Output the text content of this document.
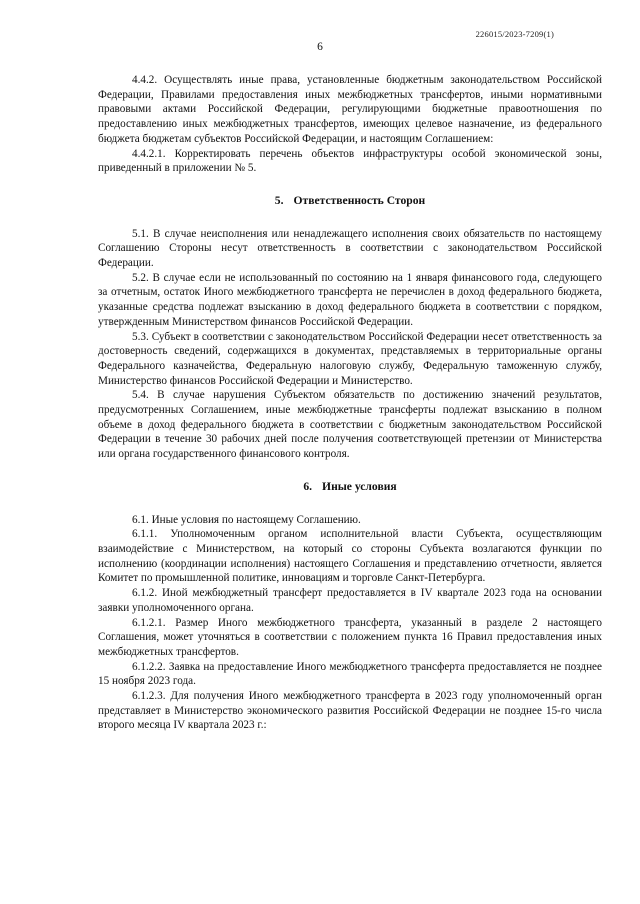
226015/2023-7209(1)
6

4.4.2. Осуществлять иные права, установленные бюджетным законодательством Российской Федерации, Правилами предоставления иных межбюджетных трансфертов, иными нормативными правовыми актами Российской Федерации, регулирующими бюджетные правоотношения по предоставлению иных межбюджетных трансфертов, имеющих целевое назначение, из федерального бюджета бюджетам субъектов Российской Федерации, и настоящим Соглашением:

4.4.2.1. Корректировать перечень объектов инфраструктуры особой экономической зоны, приведенный в приложении № 5.

5. Ответственность Сторон

5.1. В случае неисполнения или ненадлежащего исполнения своих обязательств по настоящему Соглашению Стороны несут ответственность в соответствии с законодательством Российской Федерации.

5.2. В случае если не использованный по состоянию на 1 января финансового года, следующего за отчетным, остаток Иного межбюджетного трансферта не перечислен в доход федерального бюджета, указанные средства подлежат взысканию в доход федерального бюджета в соответствии с порядком, утвержденным Министерством финансов Российской Федерации.

5.3. Субъект в соответствии с законодательством Российской Федерации несет ответственность за достоверность сведений, содержащихся в документах, представляемых в территориальные органы Федерального казначейства, Федеральную налоговую службу, Федеральную таможенную службу, Министерство финансов Российской Федерации и Министерство.

5.4. В случае нарушения Субъектом обязательств по достижению значений результатов, предусмотренных Соглашением, иные межбюджетные трансферты подлежат взысканию в полном объеме в доход федерального бюджета в соответствии с бюджетным законодательством Российской Федерации в течение 30 рабочих дней после получения соответствующей претензии от Министерства или органа государственного финансового контроля.

6. Иные условия

6.1. Иные условия по настоящему Соглашению.

6.1.1. Уполномоченным органом исполнительной власти Субъекта, осуществляющим взаимодействие с Министерством, на который со стороны Субъекта возлагаются функции по исполнению (координации исполнения) настоящего Соглашения и представлению отчетности, является Комитет по промышленной политике, инновациям и торговле Санкт-Петербурга.

6.1.2. Иной межбюджетный трансферт предоставляется в IV квартале 2023 года на основании заявки уполномоченного органа.

6.1.2.1. Размер Иного межбюджетного трансферта, указанный в разделе 2 настоящего Соглашения, может уточняться в соответствии с положением пункта 16 Правил предоставления иных межбюджетных трансфертов.

6.1.2.2. Заявка на предоставление Иного межбюджетного трансферта предоставляется не позднее 15 ноября 2023 года.

6.1.2.3. Для получения Иного межбюджетного трансферта в 2023 году уполномоченный орган представляет в Министерство экономического развития Российской Федерации не позднее 15-го числа второго месяца IV квартала 2023 г.:
